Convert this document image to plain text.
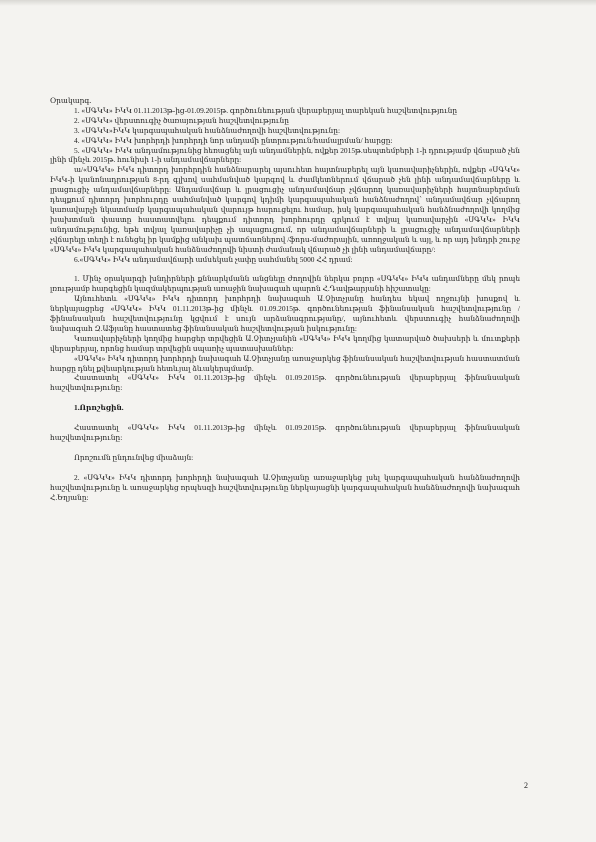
Օրակարգ.

1. «ՍԳԿԿ» ԻԿԿ 01.11.2013թ-ից-01.09.2015թ. գործունեության վերաբերյալ տարեկան հաշվետվությունը

2. «ՍԳԿԿ» վերստուգիչ ծառայության հաշվետվությունը

3. «ՍԳԿԿ»ԻԿԿ կարգապահական հանձնաժողովի հաշվետվությունը:

4. «ՍԳԿԿ» ԻԿԿ խորհրդի խորհրդի նոր անդամի ընտրություն/համալրման/ հարցը:

5. «ՍԳԿԿ» ԻԿԿ անդամությունից հեռացնել այն անդամներին, ովքեր 2015թ.սեպտեմբերի 1-ի դրությամբ վճարած չեն լինի մինչև 2015թ. հունիսի 1-ի անդամավճարները:

ա/«ՍԳԿԿ» ԻԿԿ դիտորդ խորհրդին հանձնարարել այսուհետ հայտնաբերել այն կառավարիչներին, ովքեր «ՍԳԿԿ» ԻԿԿ-ի կանոնադրության 8-րդ գլխով սահմանված կարգով և ժամկետներում վճարած չեն լինի անդամավճարները և լրացուցիչ անդամավճարները: Անդամավճար և լրացուցիչ անդամավճար չվճարող կառավարիչների հայտնաբերման դեպքում դիտորդ խորհուրդը սահմանված կարգով կդիմի կարգապահական հանձնաժողով՝ անդամավճար չվճարող կառավարչի նկատմամբ կարգապահական վարույթ հարուցելու համար, իսկ կարգապահական հանձնաժողովի կողմից խախտման փաստը հաստատվելու դեպքում դիտորդ խորհուրդը գրկում է տվյալ կառավարչին «ՍԳԿԿ» ԻԿԿ անդամությունից, եթե տվյալ կառավարիչը չի ապացուցում, որ անդամավճարների և լրացուցիչ անդամավճարների չվճարելը տեղի է ունեցել իր կամքից անկախ պատճառներով /ֆորս-մաժորային, առողջական և այլ, և որ այդ խնդրի շուրջ «ՍԳԿԿ» ԻԿԿ կարգապահական հանձնաժողովի նիստի ժամանակ վճարած չի լինի անդամավճարը/:

6.«ՍԳԿԿ» ԻԿԿ անդամավճարի ամսեկան չափը սահմանել 5000 ՀՀ դրամ:

1. Մինչ օրակարգի խնդիրների քննարկմանն անցնելը ժողովին ներկա բոլոր «ՍԳԿԿ» ԻԿԿ անդամները մեկ րոպե լռությամբ հարգեցին կազմակերպության առաջին նախագահ պարոն Հ.Դավթարյանի հիշատակը:

Այնուհետև «ՍԳԿԿ» ԻԿԿ դիտորդ խորհրդի նախագահ Ա.Չիտչյանը հանդես եկավ ողջույնի խոսքով և ներկայացրեց «ՍԳԿԿ» ԻԿԿ 01.11.2013թ-ից մինչև 01.09.2015թ. գործունեության ֆինանսական հաշվետվությունը /ֆինանսական հաշվետվությունը կցվում է սույն արձանագրությանը/, այնուհետև վերստուգիչ հանձնաժողովի նախագահ Զ.Աֆյանը հաստատեց ֆինանսական հաշվետվության իսկությունը:

Կառավարիչների կողմից հարցեր տրվեցին Ա.Չիտչյանին «ՍԳԿԿ» ԻԿԿ կողմից կատարված ծախսերի և մուտքերի վերաբերյալ, որոնց համար տրվեցին սպառիչ պատասխաններ:

«ՍԳԿԿ» ԻԿԿ դիտորդ խորհրդի նախագահ Ա.Չիտչյանը առաջարկեց ֆինանսական հաշվետվության հաստատման հարցը դնել քվեարկության հետևյալ ձևակերպմամբ.

Հաստատել «ՍԳԿԿ» ԻԿԿ 01.11.2013թ-ից մինչև 01.09.2015թ. գործունեության վերաբերյալ ֆինանսական հաշվետվությունը:

1.Որոշեցին.

Հաստատել «ՍԳԿԿ» ԻԿԿ 01.11.2013թ-ից մինչև 01.09.2015թ. գործունեության վերաբերյալ ֆինանսական հաշվետվությունը:

Որոշումն ընդունվեց միաձայն:

2. «ՍԳԿԿ» ԻԿԿ դիտորդ խորհրդի նախագահ Ա.Չիտչյանը առաջարկեց լսել կարգապահական հանձնաժողովի հաշվետվությունը և առաջարկեց որպեսզի հաշվետվությունը ներկայացնի կարգապահական հանձնաժողովի նախագահ Հ.Եղյանը:

2
